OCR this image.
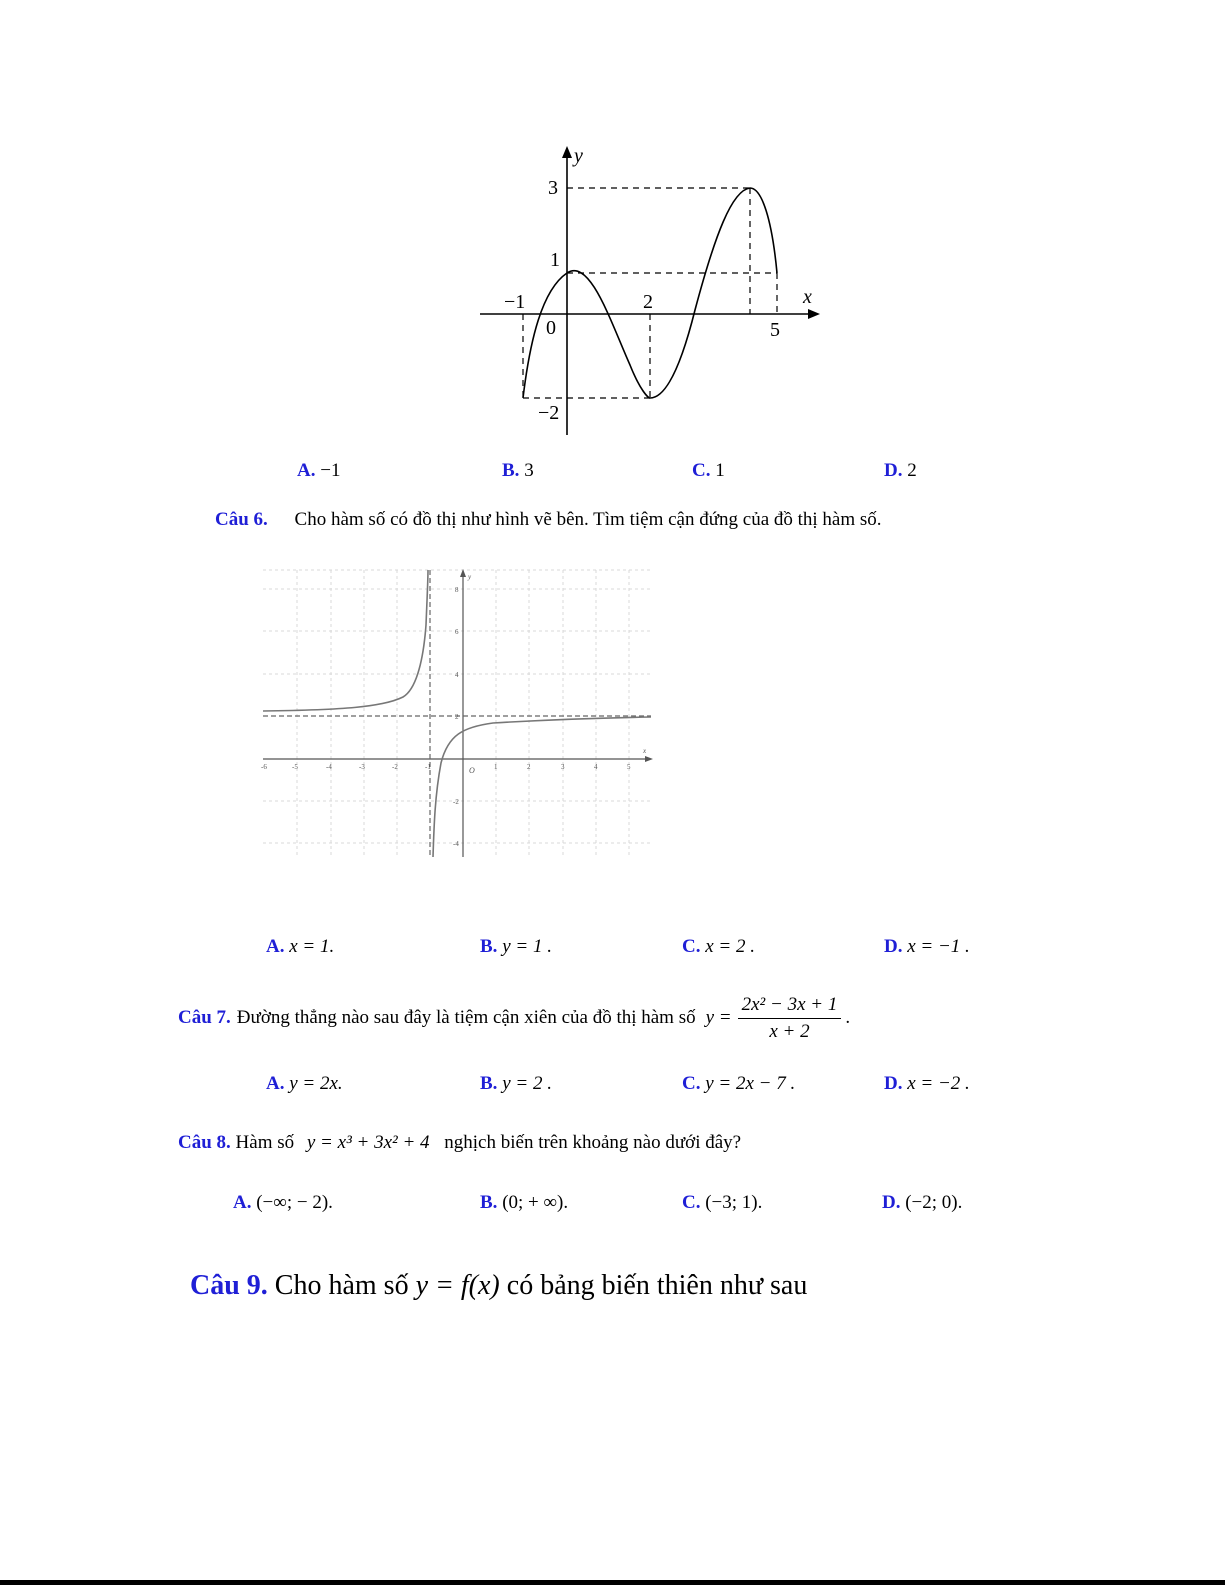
y
x
3
1
−1	2
0	5
−2
A. −1	B. 3	C. 1	D. 2
Câu 6. Cho hàm số có đồ thị như hình vẽ bên. Tìm tiệm cận đứng của đồ thị hàm số.
y
x
O
8
6
4
2
-2
-4
-6	-5	-4	-3	-2	-1	1	2	3	4	5
A. x = 1.	B. y = 1 .	C. x = 2 .	D. x = −1 .
Câu 7. Đường thẳng nào sau đây là tiệm cận xiên của đồ thị hàm số $y = \frac{\text{2x² − 3x + 1}}{x + 2}$ .
A. y = 2x.	B. y = 2 .	C. y = 2x − 7 .	D. x = −2 .
Câu 8. Hàm số y = x³ + 3x² + 4 nghịch biến trên khoảng nào dưới đây?
A. (−∞; − 2).	B. (0; + ∞).	C. (−3; 1).	D. (−2; 0).
Câu 9. Cho hàm số y = f(x) có bảng biến thiên như sau
